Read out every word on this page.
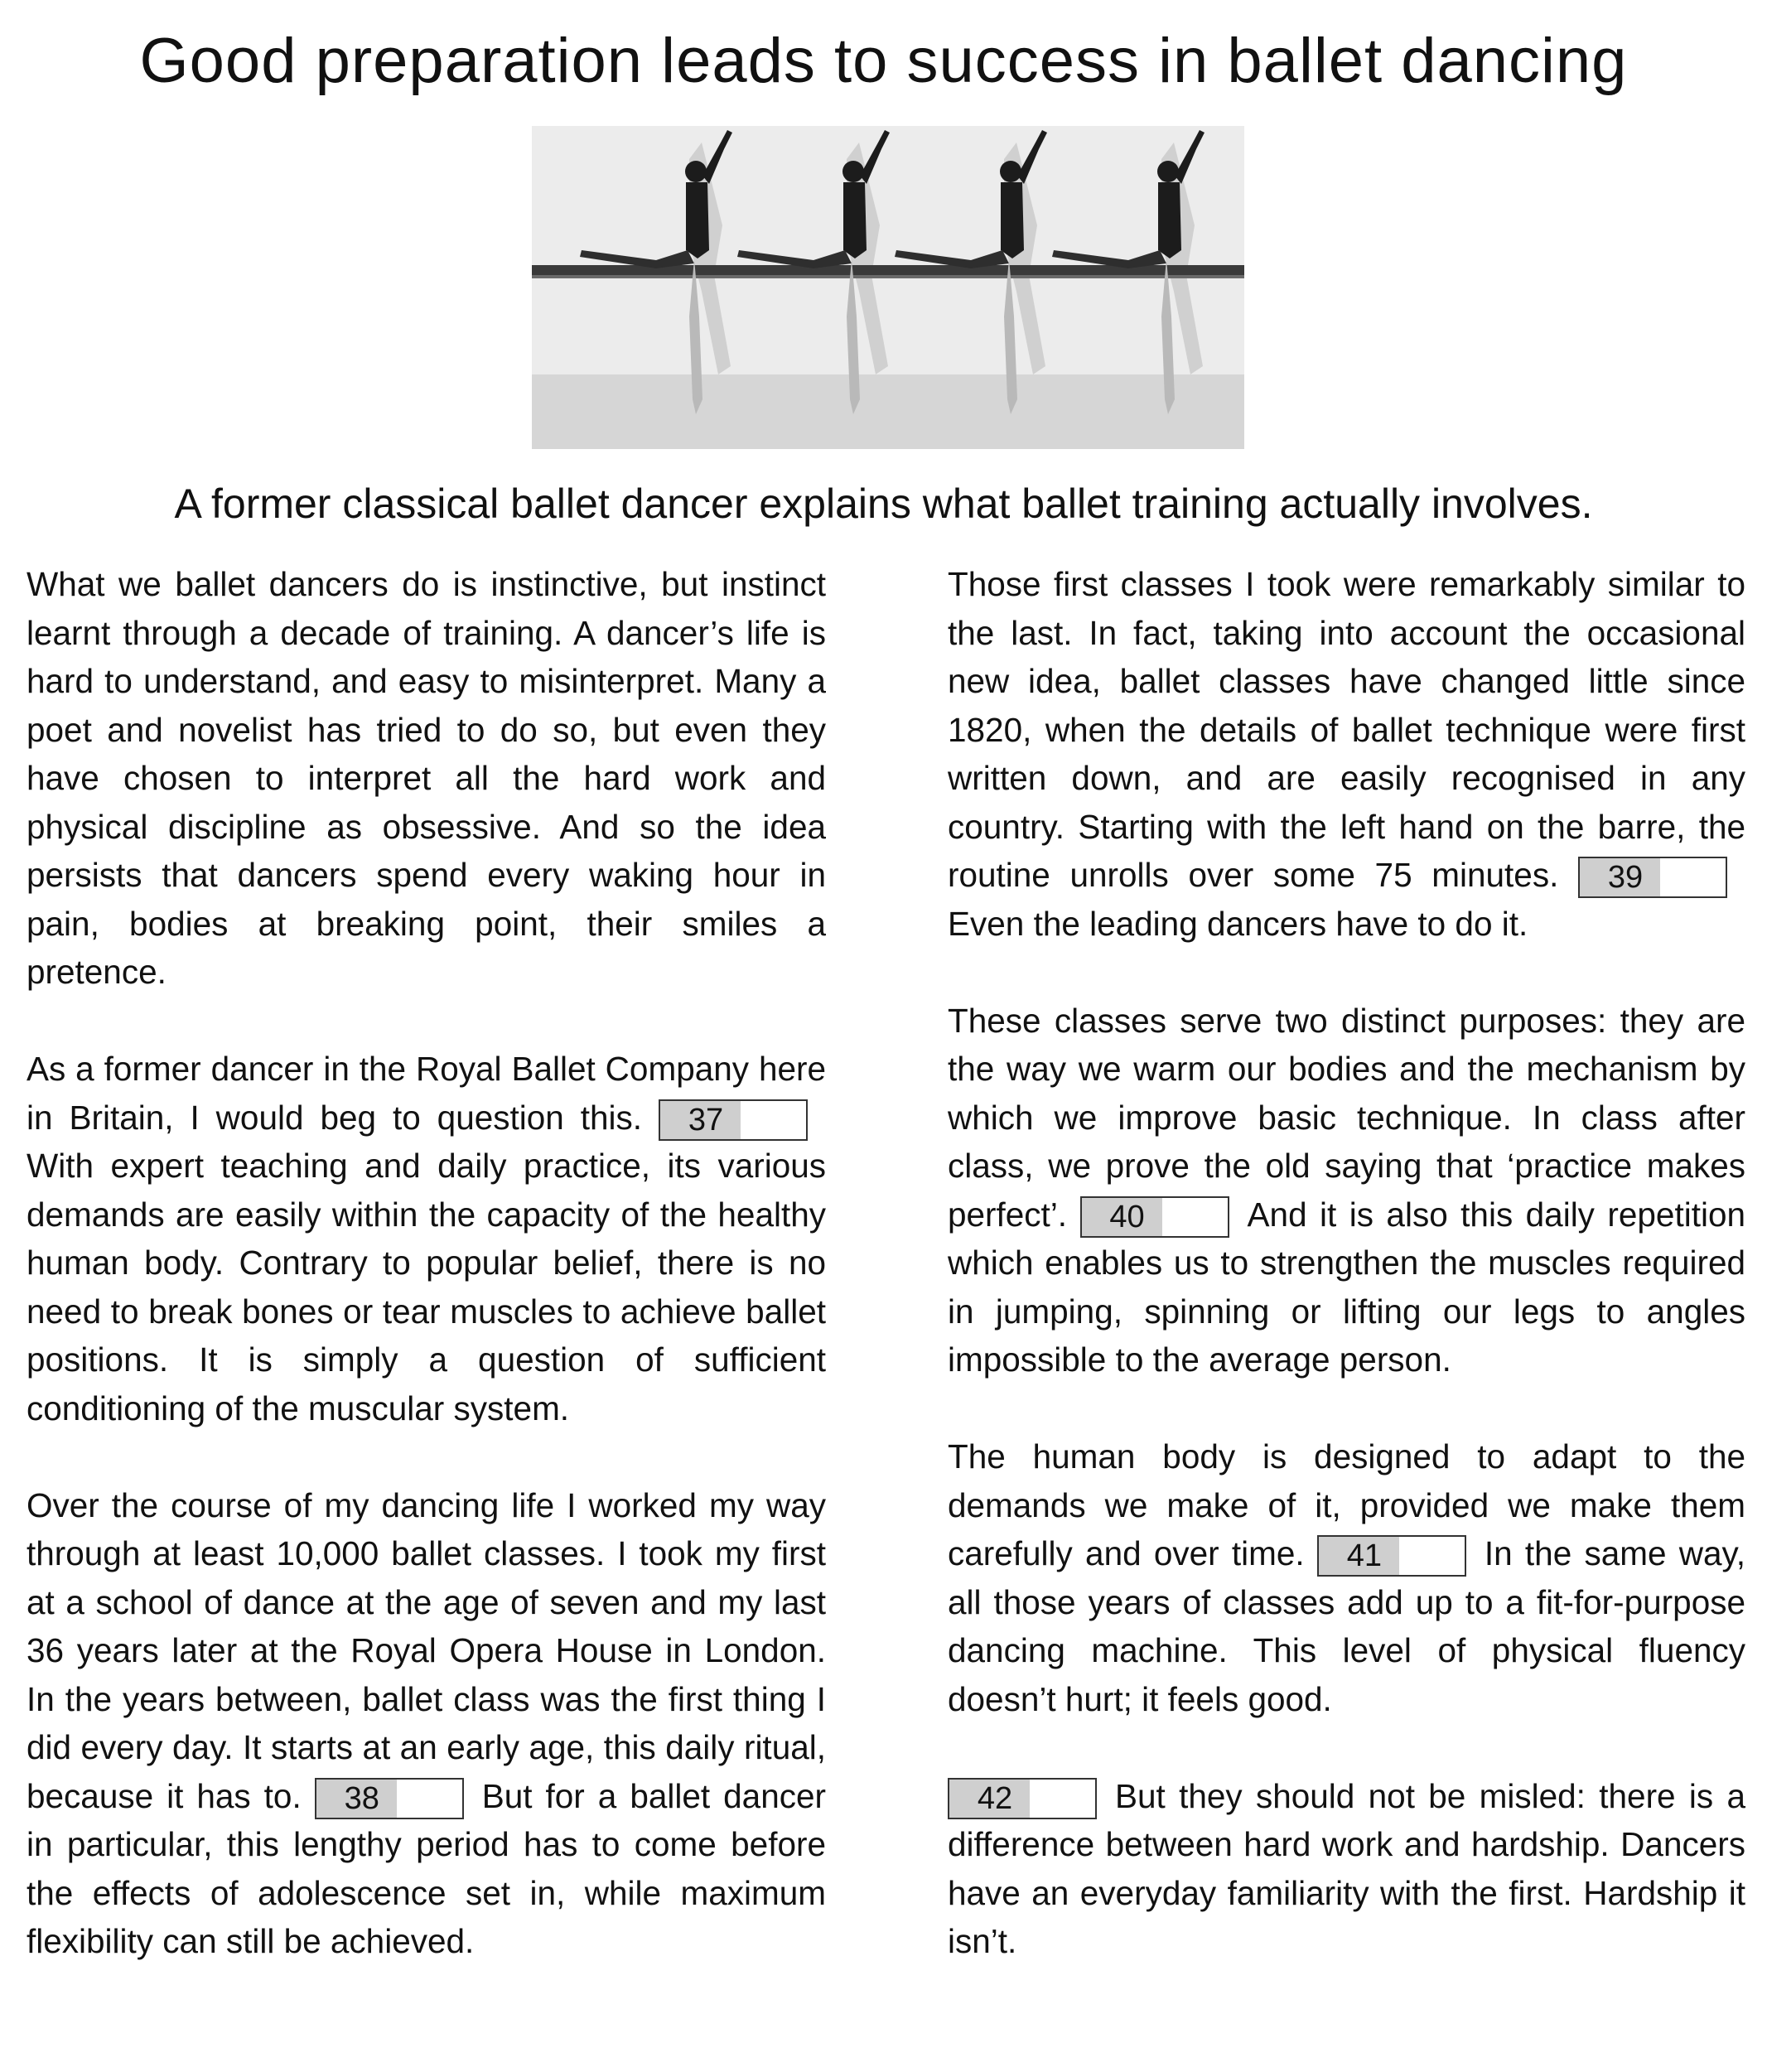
Good preparation leads to success in ballet dancing

A former classical ballet dancer explains what ballet training actually involves.

What we ballet dancers do is instinctive, but instinct learnt through a decade of training. A dancer’s life is hard to understand, and easy to misinterpret. Many a poet and novelist has tried to do so, but even they have chosen to interpret all the hard work and physical discipline as obsessive. And so the idea persists that dancers spend every waking hour in pain, bodies at breaking point, their smiles a pretence.

As a former dancer in the Royal Ballet Company here in Britain, I would beg to question this.	37
With expert teaching and daily practice, its various demands are easily within the capacity of the healthy human body. Contrary to popular belief, there is no need to break bones or tear muscles to achieve ballet positions. It is simply a question of sufficient conditioning of the muscular system.

Over the course of my dancing life I worked my way through at least 10,000 ballet classes. I took my first at a school of dance at the age of seven and my last 36 years later at the Royal Opera House in London. In the years between, ballet class was the first thing I did every day. It starts at an early age, this daily ritual, because it has to.	38	But for a ballet dancer in particular, this lengthy period has to come before the effects of adolescence set in, while maximum flexibility can still be achieved.

Those first classes I took were remarkably similar to the last. In fact, taking into account the occasional new idea, ballet classes have changed little since 1820, when the details of ballet technique were first written down, and are easily recognised in any country. Starting with the left hand on the barre, the routine unrolls over some 75 minutes.	39
Even the leading dancers have to do it.

These classes serve two distinct purposes: they are the way we warm our bodies and the mechanism by which we improve basic technique. In class after class, we prove the old saying that ‘practice makes perfect’.	40	And it is also this daily repetition which enables us to strengthen the muscles required in jumping, spinning or lifting our legs to angles impossible to the average person.

The human body is designed to adapt to the demands we make of it, provided we make them carefully and over time.	41	In the same way, all those years of classes add up to a fit-for-purpose dancing machine. This level of physical fluency doesn’t hurt; it feels good.

42	But they should not be misled: there is a difference between hard work and hardship. Dancers have an everyday familiarity with the first. Hardship it isn’t.
